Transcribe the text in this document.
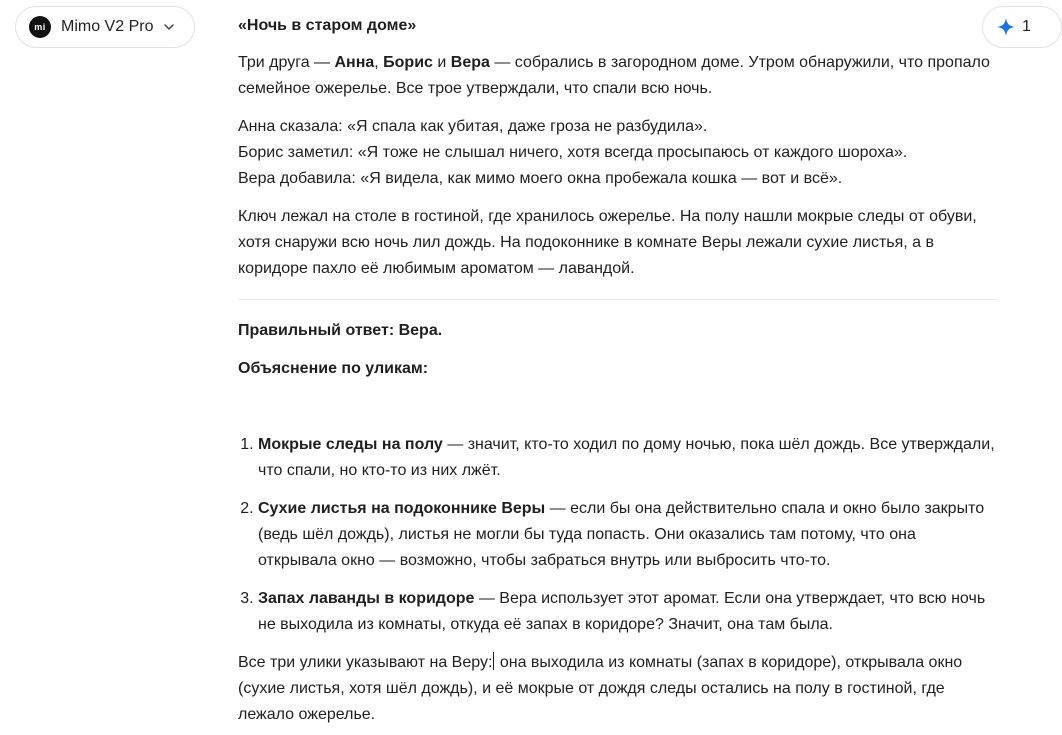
mi Mimo V2 Pro	1

«Ночь в старом доме»

Три друга — Анна, Борис и Вера — собрались в загородном доме. Утром обнаружили, что пропало семейное ожерелье. Все трое утверждали, что спали всю ночь.

Анна сказала: «Я спала как убитая, даже гроза не разбудила».
Борис заметил: «Я тоже не слышал ничего, хотя всегда просыпаюсь от каждого шороха».
Вера добавила: «Я видела, как мимо моего окна пробежала кошка — вот и всё».

Ключ лежал на столе в гостиной, где хранилось ожерелье. На полу нашли мокрые следы от обуви, хотя снаружи всю ночь лил дождь. На подоконнике в комнате Веры лежали сухие листья, а в коридоре пахло её любимым ароматом — лавандой.

Правильный ответ: Вера.

Объяснение по уликам:

1. Мокрые следы на полу — значит, кто-то ходил по дому ночью, пока шёл дождь. Все утверждали, что спали, но кто-то из них лжёт.
2. Сухие листья на подоконнике Веры — если бы она действительно спала и окно было закрыто (ведь шёл дождь), листья не могли бы туда попасть. Они оказались там потому, что она открывала окно — возможно, чтобы забраться внутрь или выбросить что-то.
3. Запах лаванды в коридоре — Вера использует этот аромат. Если она утверждает, что всю ночь не выходила из комнаты, откуда её запах в коридоре? Значит, она там была.

Все три улики указывают на Веру: она выходила из комнаты (запах в коридоре), открывала окно (сухие листья, хотя шёл дождь), и её мокрые от дождя следы остались на полу в гостиной, где лежало ожерелье.
